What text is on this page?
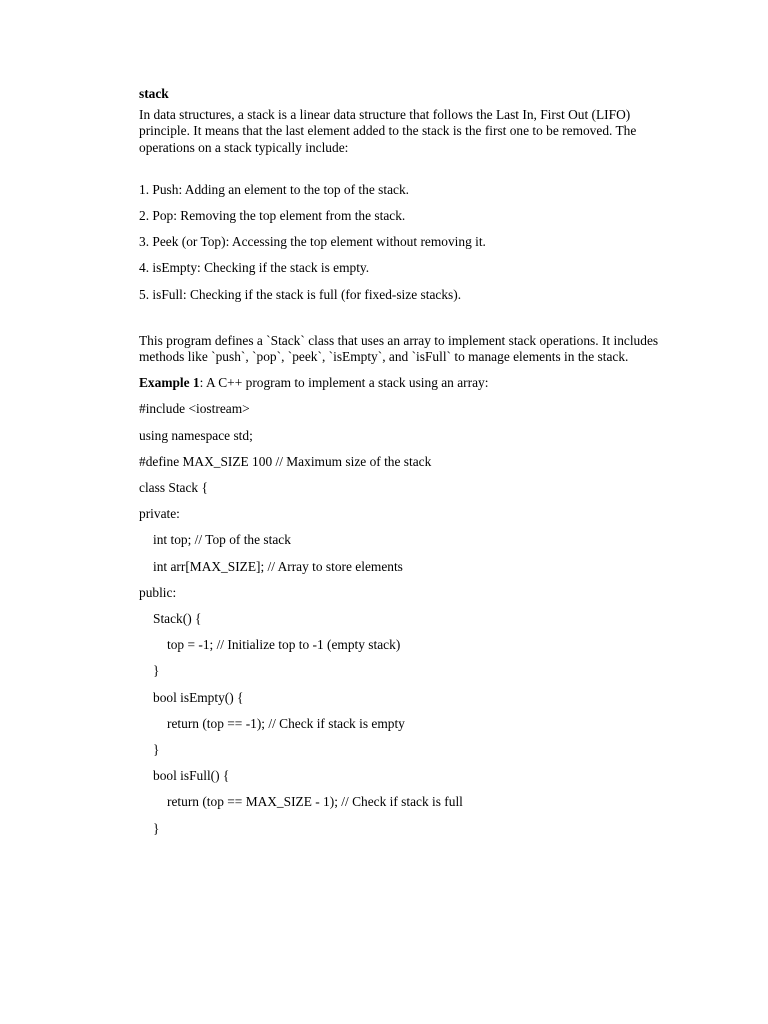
stack

In data structures, a stack is a linear data structure that follows the Last In, First Out (LIFO) principle. It means that the last element added to the stack is the first one to be removed. The operations on a stack typically include:

1. Push: Adding an element to the top of the stack.
2. Pop: Removing the top element from the stack.
3. Peek (or Top): Accessing the top element without removing it.
4. isEmpty: Checking if the stack is empty.
5. isFull: Checking if the stack is full (for fixed-size stacks).

This program defines a `Stack` class that uses an array to implement stack operations. It includes methods like `push`, `pop`, `peek`, `isEmpty`, and `isFull` to manage elements in the stack.

Example 1: A C++ program to implement a stack using an array:
#include <iostream>
using namespace std;
#define MAX_SIZE 100 // Maximum size of the stack
class Stack {
private:
int top; // Top of the stack
int arr[MAX_SIZE]; // Array to store elements
public:
Stack() {
top = -1; // Initialize top to -1 (empty stack)
}
bool isEmpty() {
return (top == -1); // Check if stack is empty
}
bool isFull() {
return (top == MAX_SIZE - 1); // Check if stack is full
}
